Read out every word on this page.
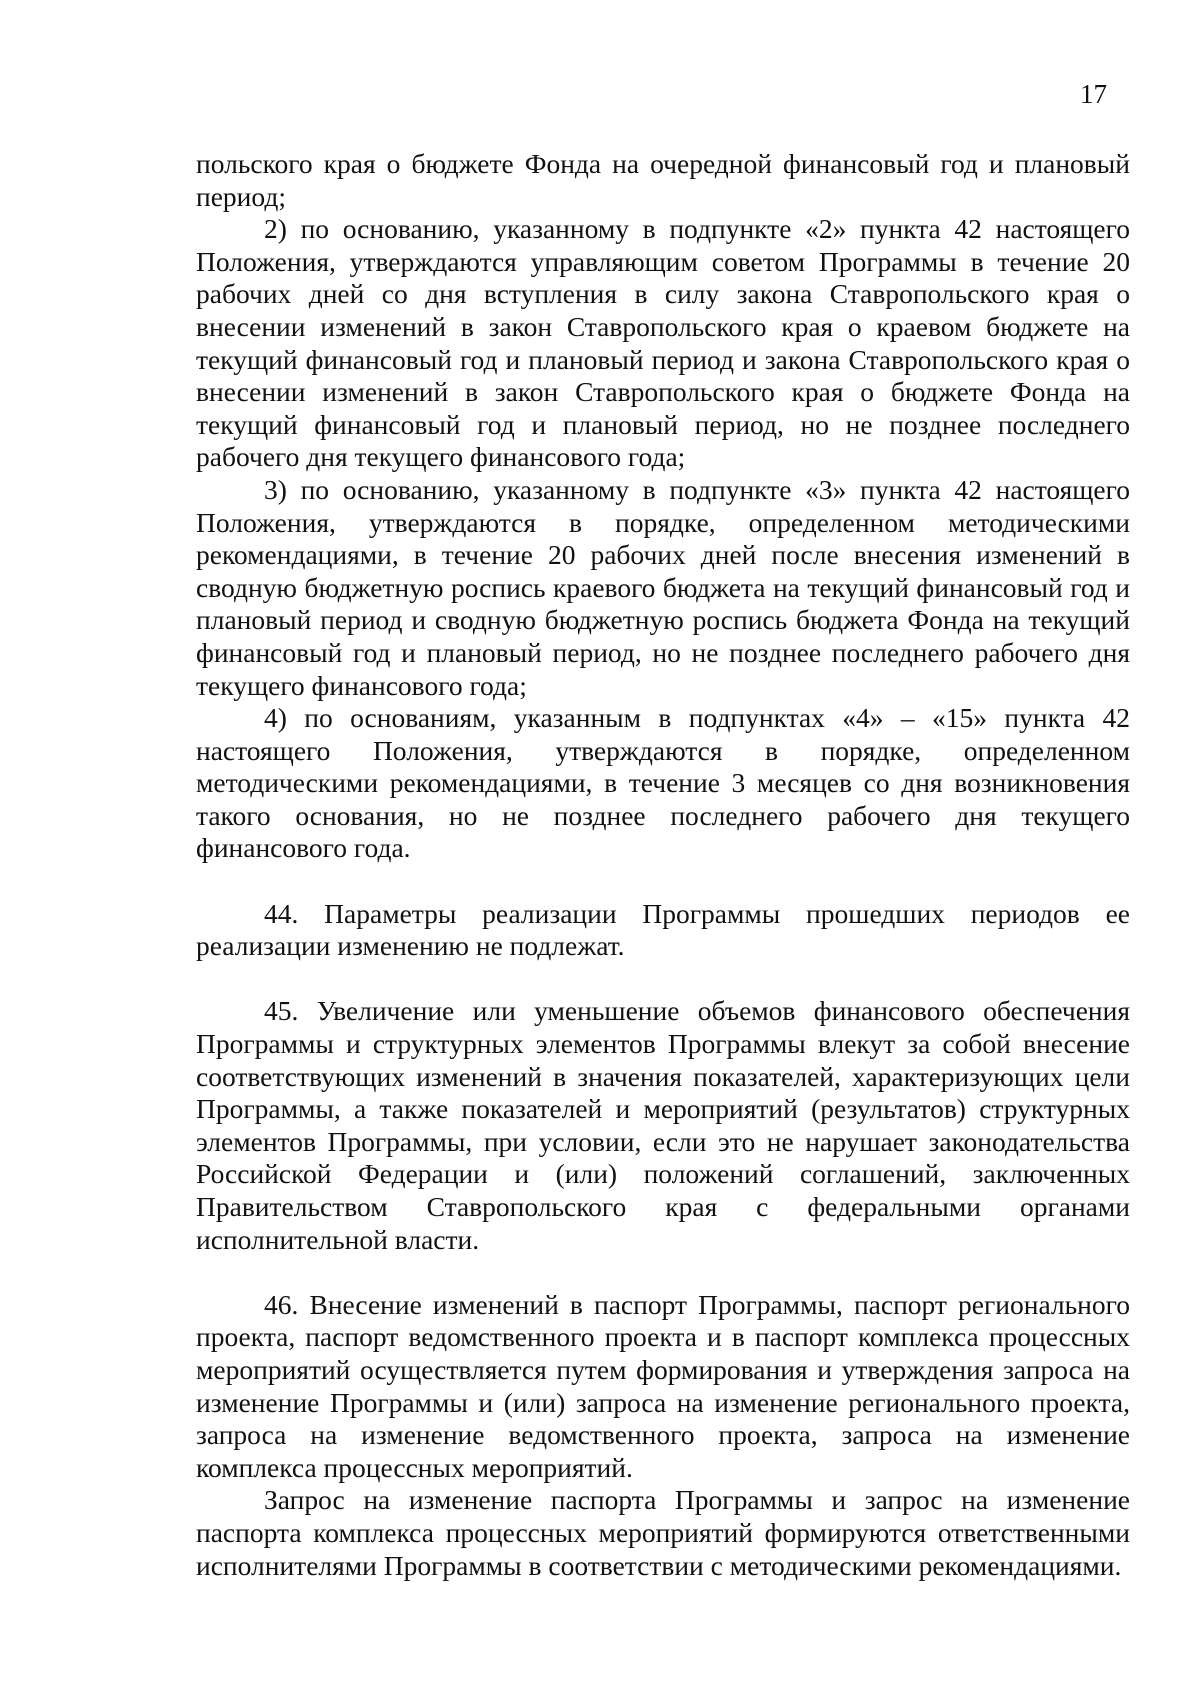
17

польского края о бюджете Фонда на очередной финансовый год и плановый период;

2) по основанию, указанному в подпункте «2» пункта 42 настоящего Положения, утверждаются управляющим советом Программы в течение 20 рабочих дней со дня вступления в силу закона Ставропольского края о внесении изменений в закон Ставропольского края о краевом бюджете на текущий финансовый год и плановый период и закона Ставропольского края о внесении изменений в закон Ставропольского края о бюджете Фонда на текущий финансовый год и плановый период, но не позднее последнего рабочего дня текущего финансового года;

3) по основанию, указанному в подпункте «3» пункта 42 настоящего Положения, утверждаются в порядке, определенном методическими рекомендациями, в течение 20 рабочих дней после внесения изменений в сводную бюджетную роспись краевого бюджета на текущий финансовый год и плановый период и сводную бюджетную роспись бюджета Фонда на текущий финансовый год и плановый период, но не позднее последнего рабочего дня текущего финансового года;

4) по основаниям, указанным в подпунктах «4» – «15» пункта 42 настоящего Положения, утверждаются в порядке, определенном методическими рекомендациями, в течение 3 месяцев со дня возникновения такого основания, но не позднее последнего рабочего дня текущего финансового года.

44. Параметры реализации Программы прошедших периодов ее реализации изменению не подлежат.

45. Увеличение или уменьшение объемов финансового обеспечения Программы и структурных элементов Программы влекут за собой внесение соответствующих изменений в значения показателей, характеризующих цели Программы, а также показателей и мероприятий (результатов) структурных элементов Программы, при условии, если это не нарушает законодательства Российской Федерации и (или) положений соглашений, заключенных Правительством Ставропольского края с федеральными органами исполнительной власти.

46. Внесение изменений в паспорт Программы, паспорт регионального проекта, паспорт ведомственного проекта и в паспорт комплекса процессных мероприятий осуществляется путем формирования и утверждения запроса на изменение Программы и (или) запроса на изменение регионального проекта, запроса на изменение ведомственного проекта, запроса на изменение комплекса процессных мероприятий.

Запрос на изменение паспорта Программы и запрос на изменение паспорта комплекса процессных мероприятий формируются ответственными исполнителями Программы в соответствии с методическими рекомендациями.
